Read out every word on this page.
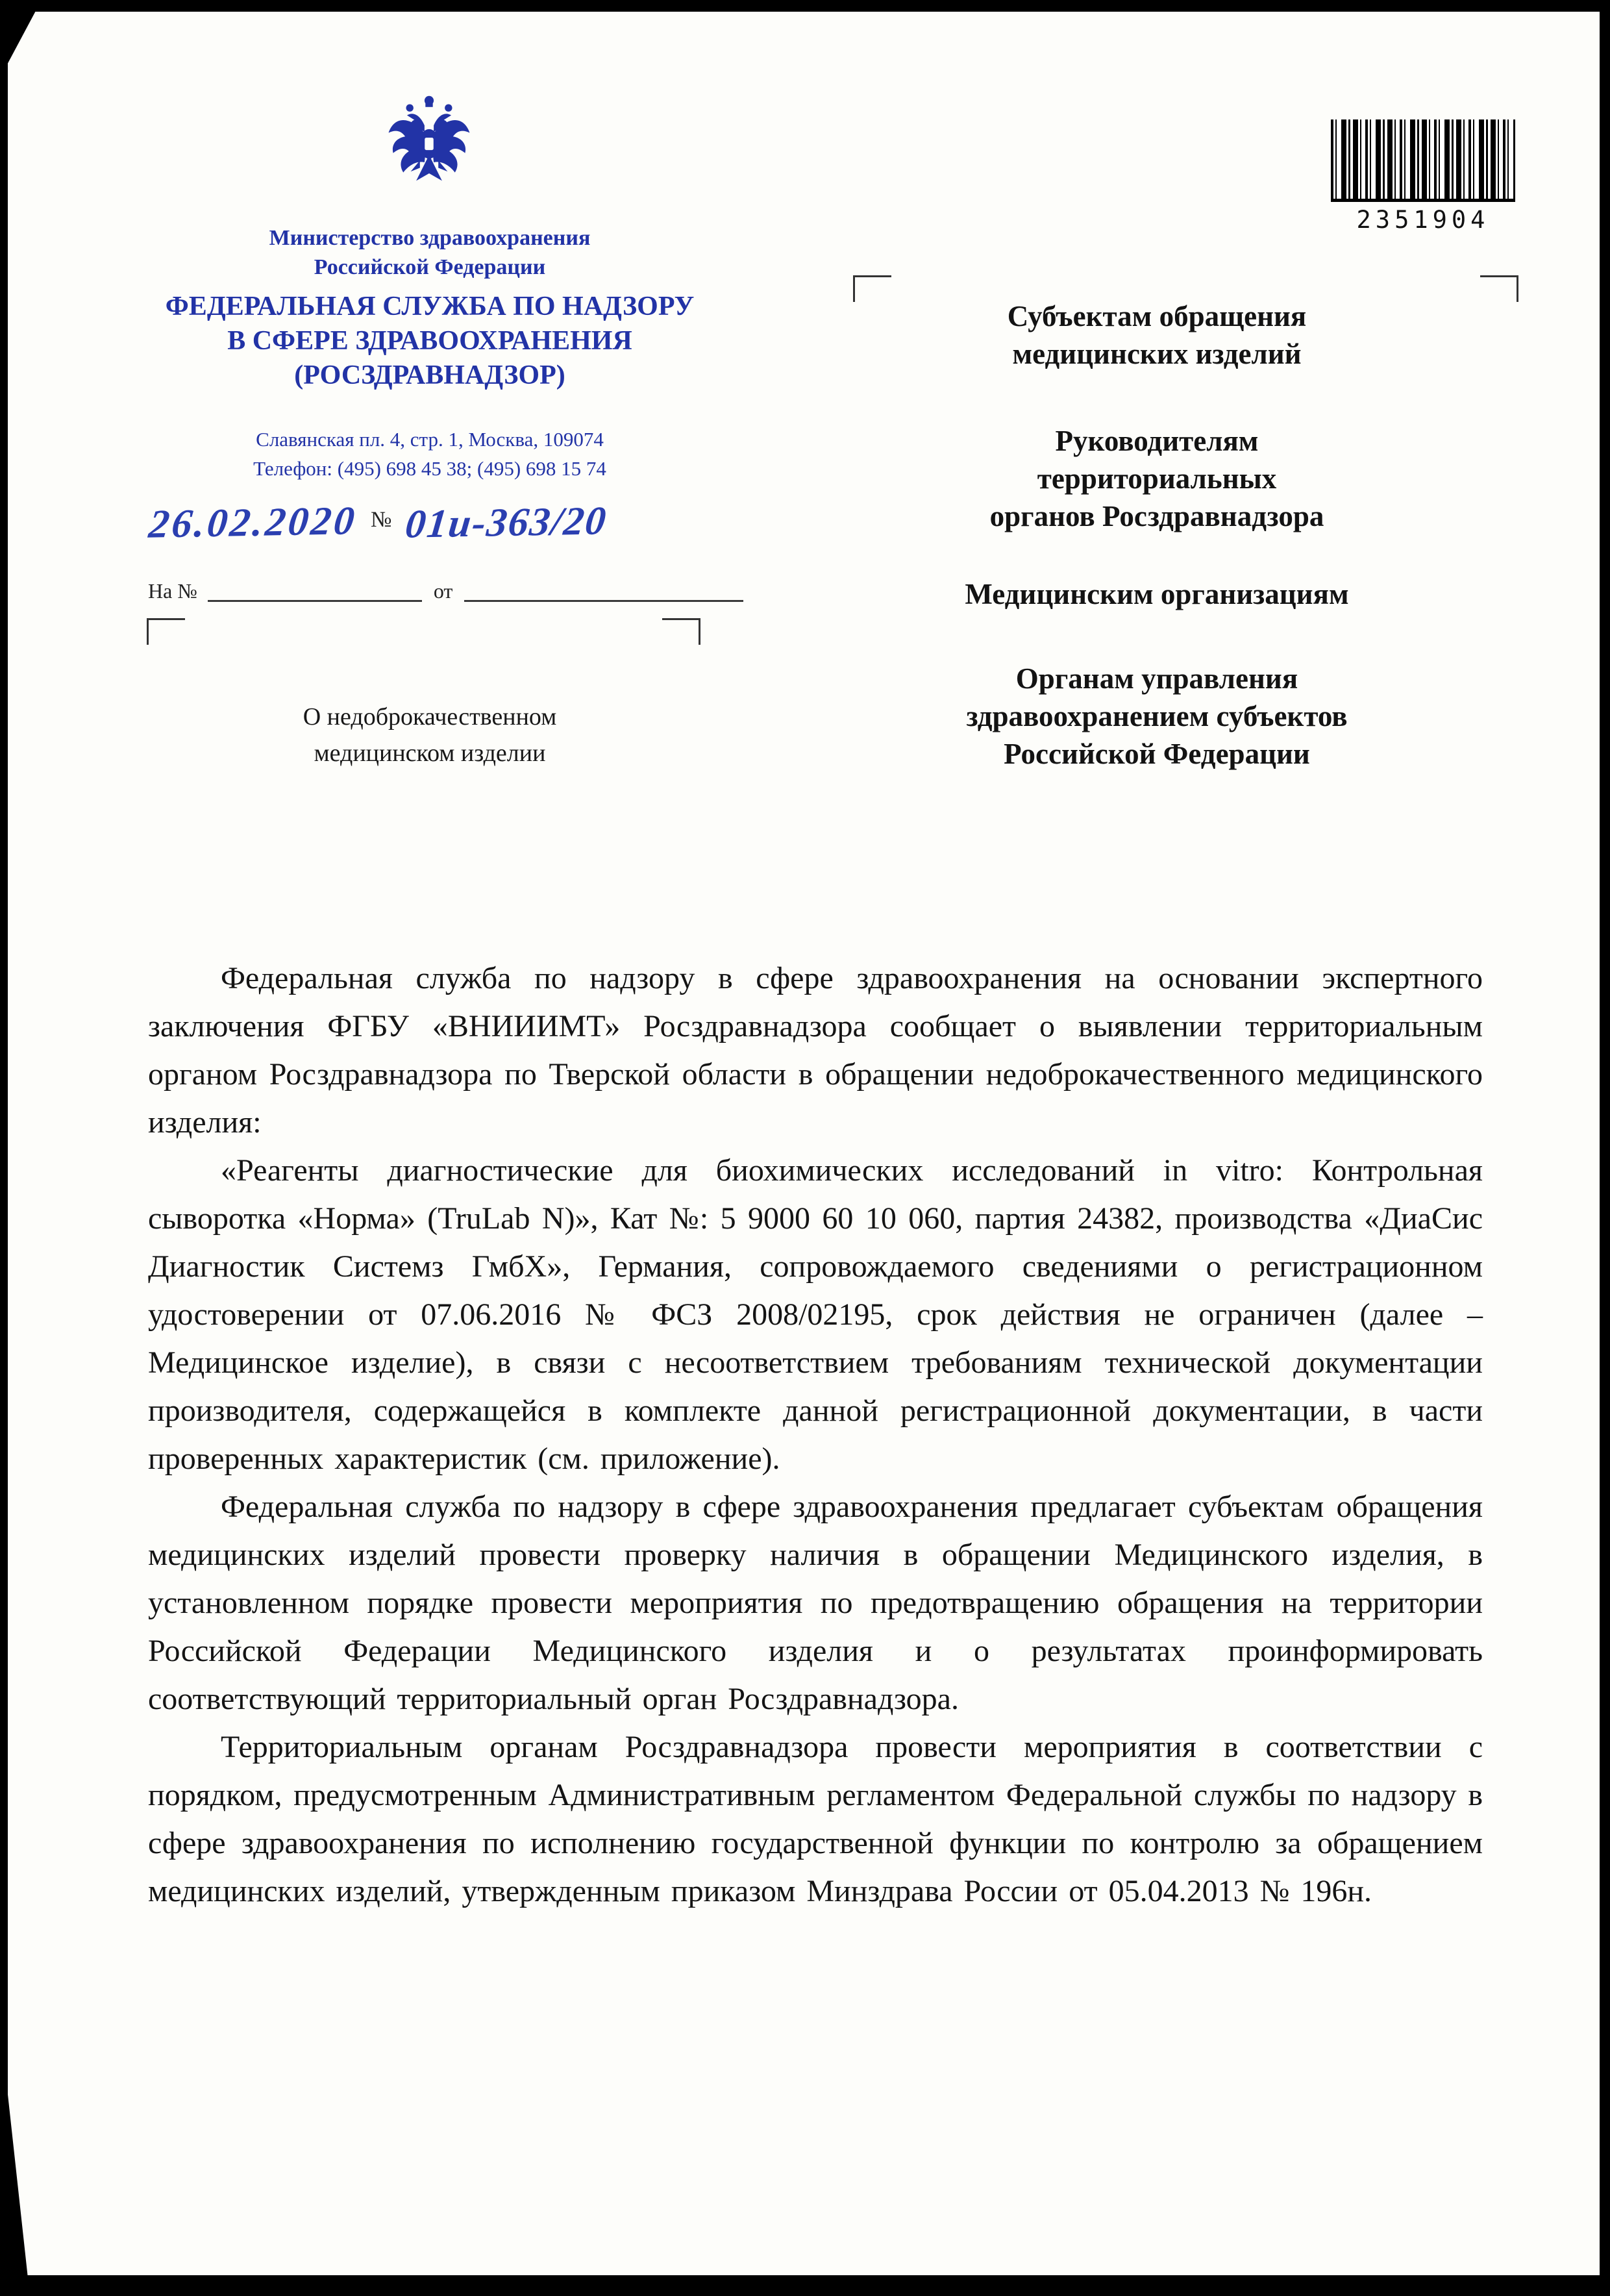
Министерство здравоохранения
Российской Федерации
ФЕДЕРАЛЬНАЯ СЛУЖБА ПО НАДЗОРУ
В СФЕРЕ ЗДРАВООХРАНЕНИЯ
(РОСЗДРАВНАДЗОР)
Славянская пл. 4, стр. 1, Москва, 109074
Телефон: (495) 698 45 38; (495) 698 15 74
2351904
26.02.2020 № 01и-363/20
На №	от
О недоброкачественном
медицинском изделии
Субъектам обращения
медицинских изделий
Руководителям
территориальных
органов Росздравнадзора
Медицинским организациям
Органам управления
здравоохранением субъектов
Российской Федерации

Федеральная служба по надзору в сфере здравоохранения на основании экспертного заключения ФГБУ «ВНИИИМТ» Росздравнадзора сообщает о выявлении территориальным органом Росздравнадзора по Тверской области в обращении недоброкачественного медицинского изделия:

«Реагенты диагностические для биохимических исследований in vitro: Контрольная сыворотка «Норма» (TruLab N)», Кат №: 5 9000 60 10 060, партия 24382, производства «ДиаСис Диагностик Системз ГмбХ», Германия, сопровождаемого сведениями о регистрационном удостоверении от 07.06.2016 № ФСЗ 2008/02195, срок действия не ограничен (далее – Медицинское изделие), в связи с несоответствием требованиям технической документации производителя, содержащейся в комплекте данной регистрационной документации, в части проверенных характеристик (см. приложение).

Федеральная служба по надзору в сфере здравоохранения предлагает субъектам обращения медицинских изделий провести проверку наличия в обращении Медицинского изделия, в установленном порядке провести мероприятия по предотвращению обращения на территории Российской Федерации Медицинского изделия и о результатах проинформировать соответствующий территориальный орган Росздравнадзора.

Территориальным органам Росздравнадзора провести мероприятия в соответствии с порядком, предусмотренным Административным регламентом Федеральной службы по надзору в сфере здравоохранения по исполнению государственной функции по контролю за обращением медицинских изделий, утвержденным приказом Минздрава России от 05.04.2013 № 196н.
